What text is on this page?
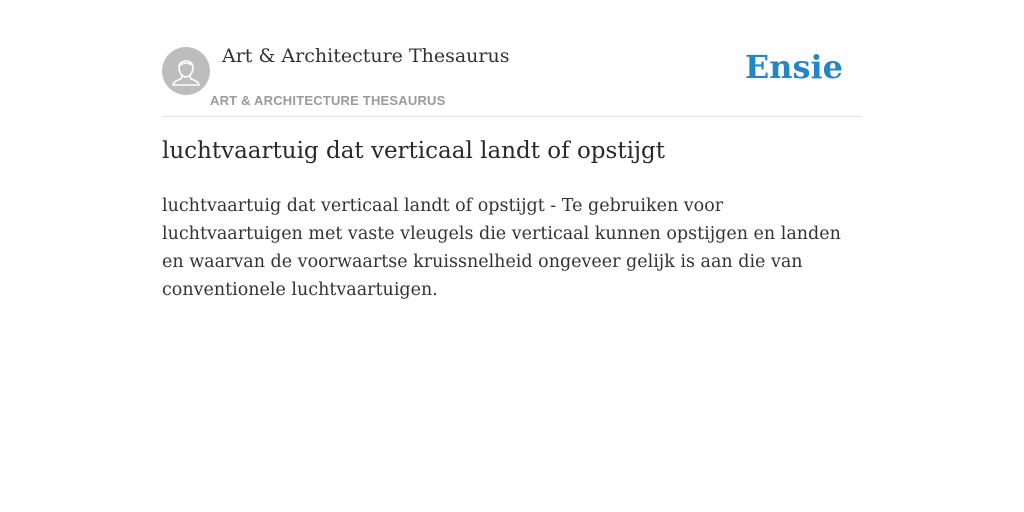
Art & Architecture Thesaurus
ART & ARCHITECTURE THESAURUS
Ensie
luchtvaartuig dat verticaal landt of opstijgt

luchtvaartuig dat verticaal landt of opstijgt - Te gebruiken voor luchtvaartuigen met vaste vleugels die verticaal kunnen opstijgen en landen en waarvan de voorwaartse kruissnelheid ongeveer gelijk is aan die van conventionele luchtvaartuigen.
